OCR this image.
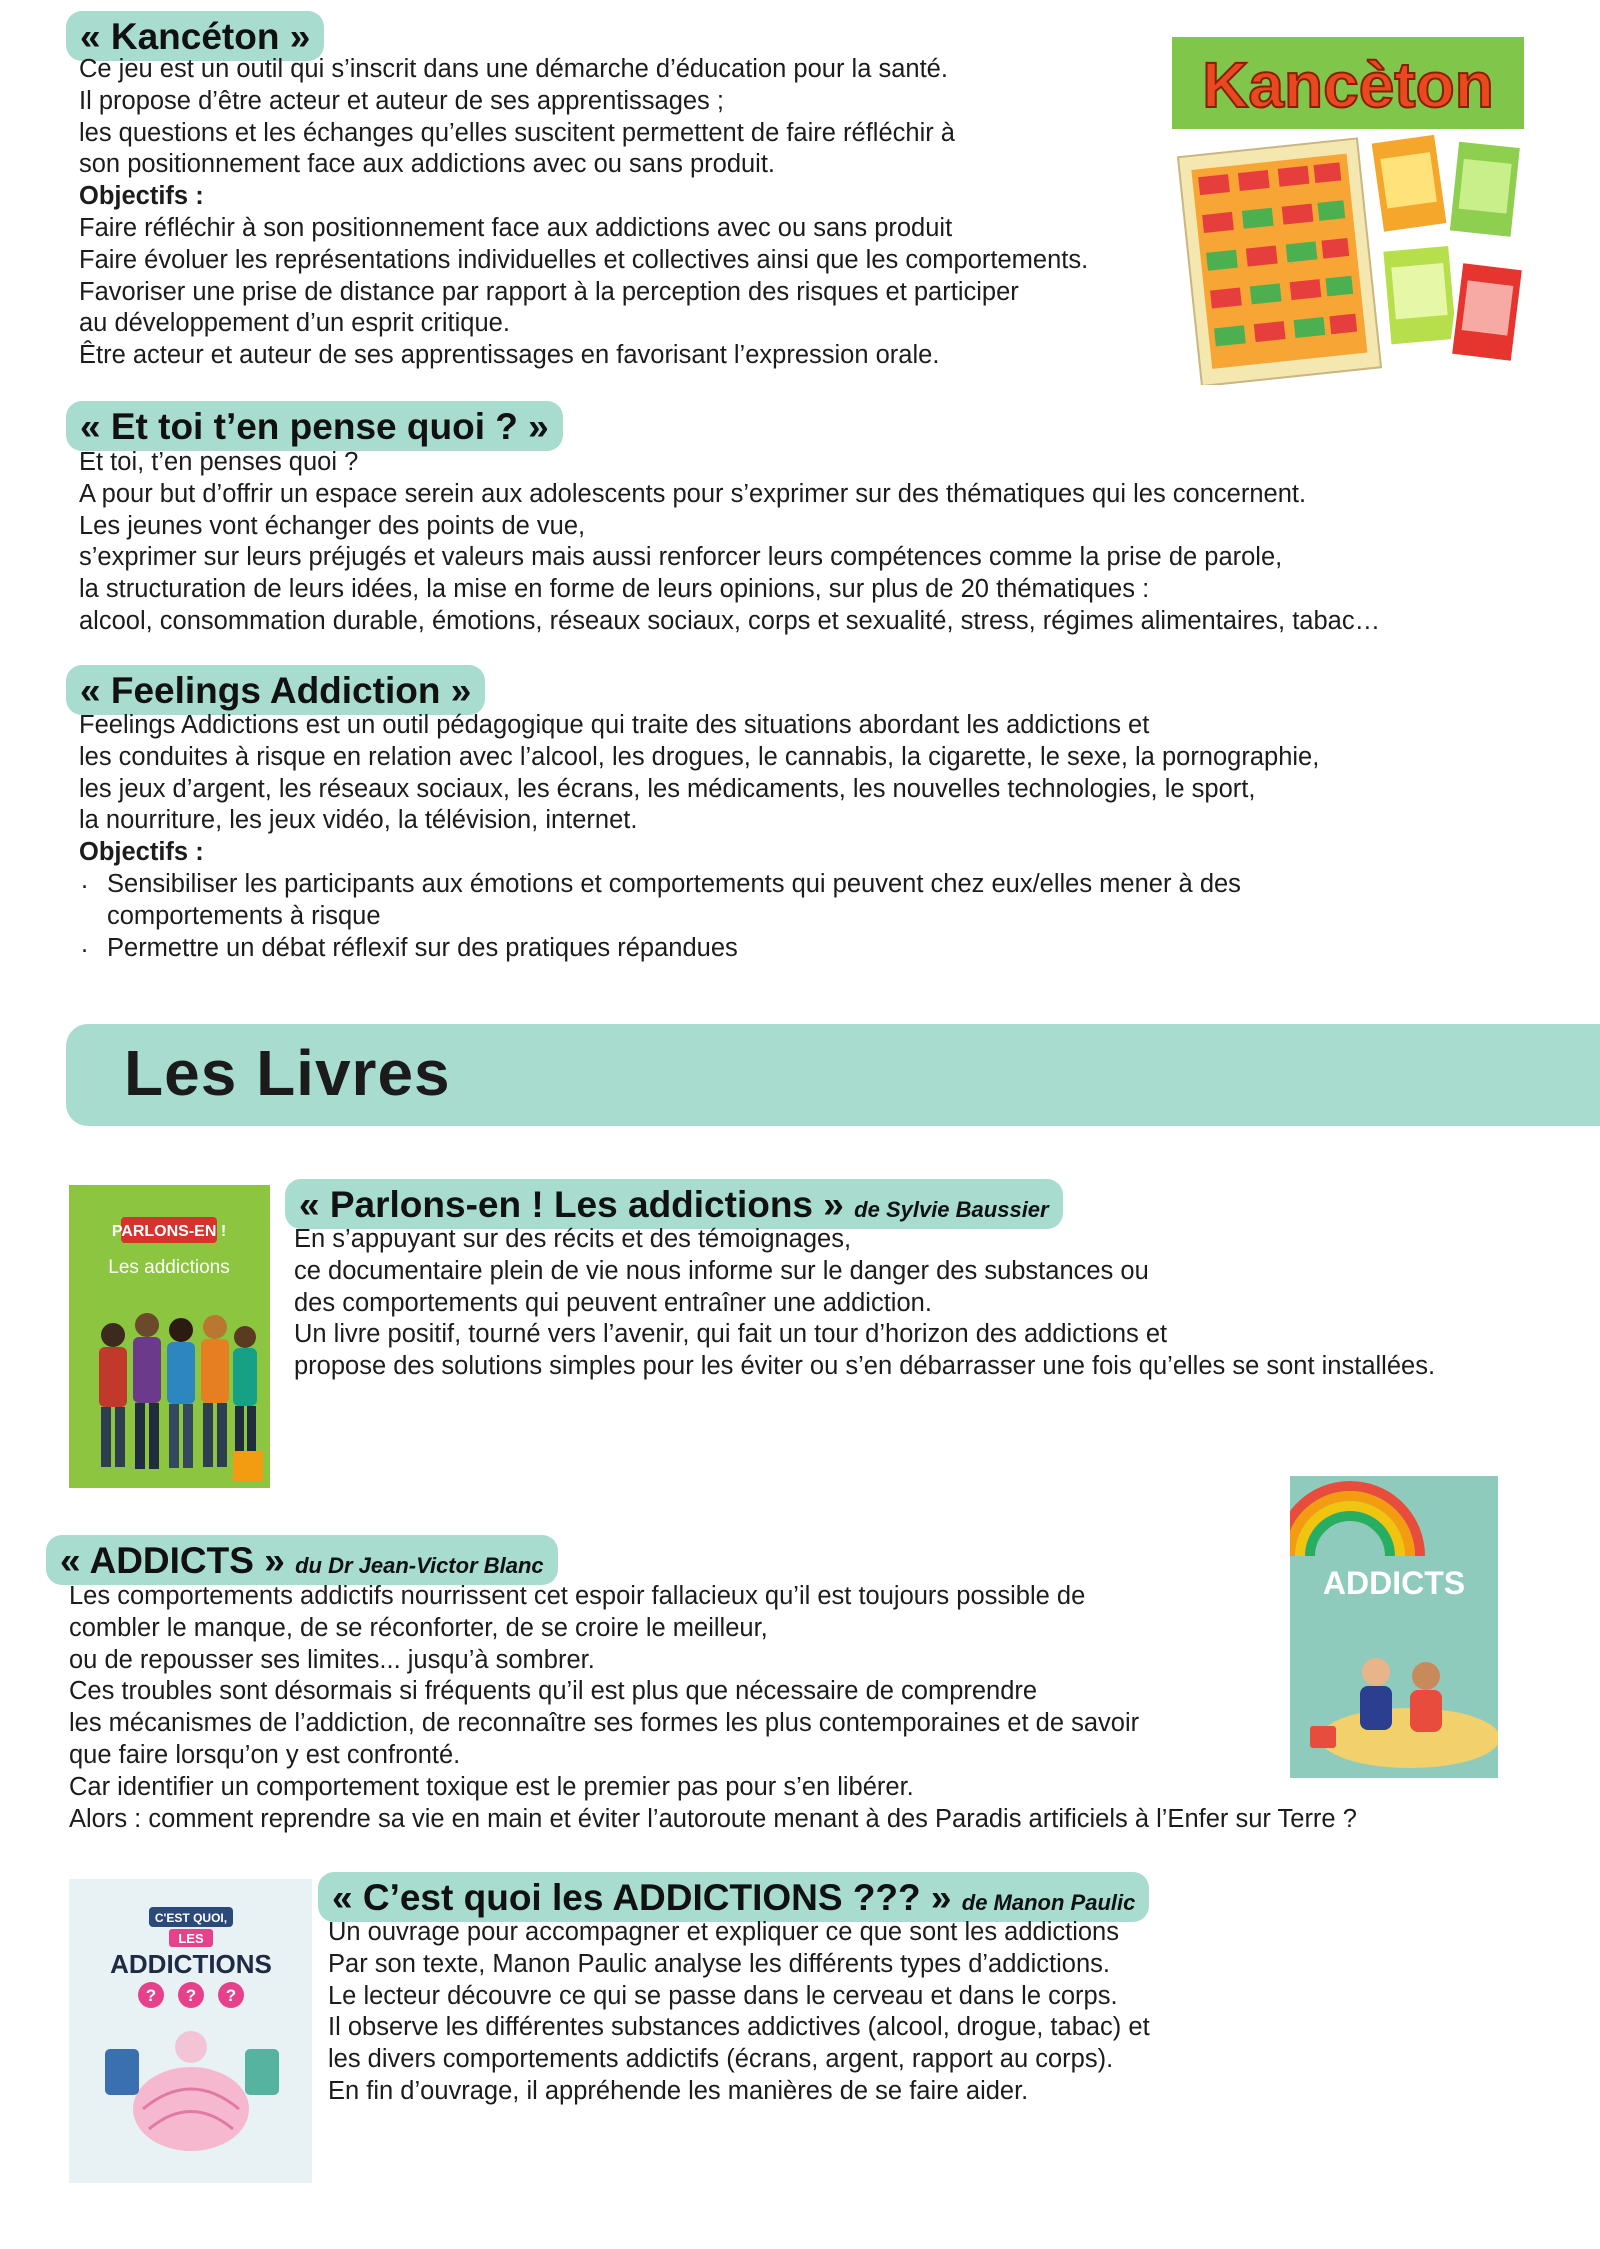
« Kancéton »
Ce jeu est un outil qui s’inscrit dans une démarche d’éducation pour la santé.
Il propose d’être acteur et auteur de ses apprentissages ;
les questions et les échanges qu’elles suscitent permettent de faire réfléchir à
son positionnement face aux addictions avec ou sans produit.
Objectifs :
Faire réfléchir à son positionnement face aux addictions avec ou sans produit
Faire évoluer les représentations individuelles et collectives ainsi que les comportements.
Favoriser une prise de distance par rapport à la perception des risques et participer
au développement d’un esprit critique.
Être acteur et auteur de ses apprentissages en favorisant l’expression orale.
Kancèton
« Et toi t’en pense quoi ? »
Et toi, t’en penses quoi ?
A pour but d’offrir un espace serein aux adolescents pour s’exprimer sur des thématiques qui les concernent.
Les jeunes vont échanger des points de vue,
s’exprimer sur leurs préjugés et valeurs mais aussi renforcer leurs compétences comme la prise de parole,
la structuration de leurs idées, la mise en forme de leurs opinions, sur plus de 20 thématiques :
alcool, consommation durable, émotions, réseaux sociaux, corps et sexualité, stress, régimes alimentaires, tabac…
« Feelings Addiction »
Feelings Addictions est un outil pédagogique qui traite des situations abordant les addictions et
les conduites à risque en relation avec l’alcool, les drogues, le cannabis, la cigarette, le sexe, la pornographie,
les jeux d’argent, les réseaux sociaux, les écrans, les médicaments, les nouvelles technologies, le sport,
la nourriture, les jeux vidéo, la télévision, internet.
Objectifs :
. Sensibiliser les participants aux émotions et comportements qui peuvent chez eux/elles mener à des
comportements à risque
. Permettre un débat réflexif sur des pratiques répandues
Les Livres
PARLONS-EN !
Les addictions
« Parlons-en ! Les addictions » de Sylvie Baussier
En s’appuyant sur des récits et des témoignages,
ce documentaire plein de vie nous informe sur le danger des substances ou
des comportements qui peuvent entraîner une addiction.
Un livre positif, tourné vers l’avenir, qui fait un tour d’horizon des addictions et
propose des solutions simples pour les éviter ou s’en débarrasser une fois qu’elles se sont installées.
ADDICTS
« ADDICTS » du Dr Jean-Victor Blanc
Les comportements addictifs nourrissent cet espoir fallacieux qu’il est toujours possible de
combler le manque, de se réconforter, de se croire le meilleur,
ou de repousser ses limites... jusqu’à sombrer.
Ces troubles sont désormais si fréquents qu’il est plus que nécessaire de comprendre
les mécanismes de l’addiction, de reconnaître ses formes les plus contemporaines et de savoir
que faire lorsqu’on y est confronté.
Car identifier un comportement toxique est le premier pas pour s’en libérer.
Alors : comment reprendre sa vie en main et éviter l’autoroute menant à des Paradis artificiels à l’Enfer sur Terre ?
C'EST QUOI,
LES
ADDICTIONS
? ? ?
« C’est quoi les ADDICTIONS ??? » de Manon Paulic
Un ouvrage pour accompagner et expliquer ce que sont les addictions
Par son texte, Manon Paulic analyse les différents types d’addictions.
Le lecteur découvre ce qui se passe dans le cerveau et dans le corps.
Il observe les différentes substances addictives (alcool, drogue, tabac) et
les divers comportements addictifs (écrans, argent, rapport au corps).
En fin d’ouvrage, il appréhende les manières de se faire aider.
